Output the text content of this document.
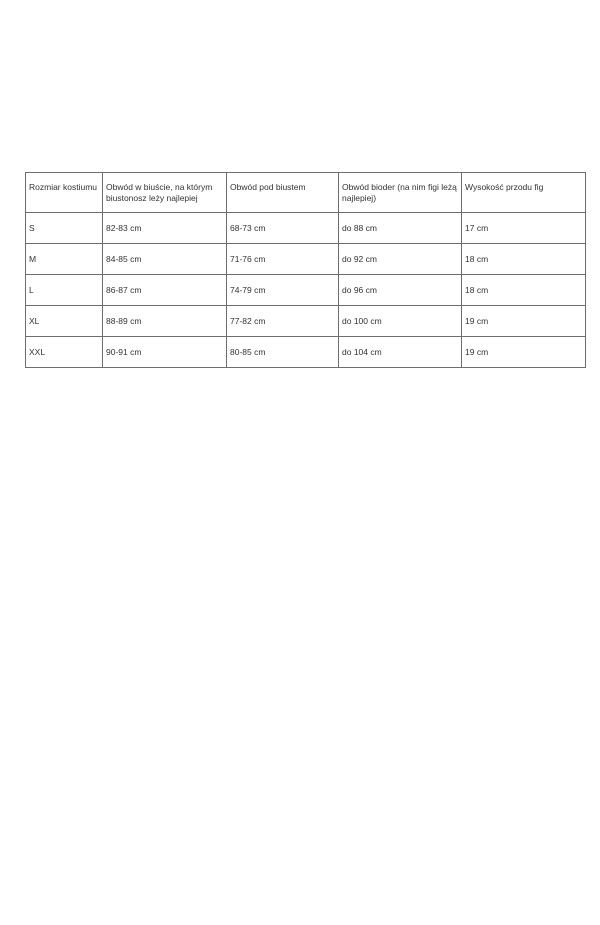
Rozmiar kostiumu	Obwód w biuście, na którym biustonosz leży najlepiej	Obwód pod biustem	Obwód bioder (na nim figi leżą najlepiej)	Wysokość przodu fig
S	82-83 cm	68-73 cm	do 88 cm	17 cm
M	84-85 cm	71-76 cm	do 92 cm	18 cm
L	86-87 cm	74-79 cm	do 96 cm	18 cm
XL	88-89 cm	77-82 cm	do 100 cm	19 cm
XXL	90-91 cm	80-85 cm	do 104 cm	19 cm
